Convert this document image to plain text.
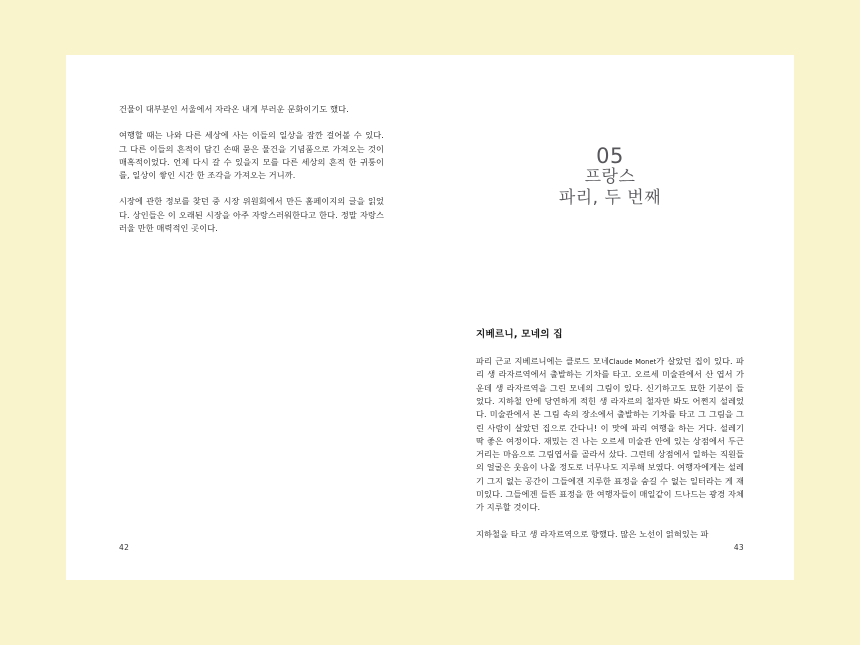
건물이 대부분인 서울에서 자라온 내게 부러운 문화이기도 했다.

여행할 때는 나와 다른 세상에 사는 이들의 일상을 잠깐 걸어볼 수 있다. 그 다른 이들의 흔적이 담긴 손때 묻은 물건을 기념품으로 가져오는 것이 매혹적이었다. 언제 다시 갈 수 있을지 모를 다른 세상의 흔적 한 귀퉁이를, 일상이 쌓인 시간 한 조각을 가져오는 거니까.

시장에 관한 정보를 찾던 중 시장 위원회에서 만든 홈페이지의 글을 읽었다. 상인들은 이 오래된 시장을 아주 자랑스러워한다고 한다. 정말 자랑스러울 만한 매력적인 곳이다.

42
05
프랑스
파리, 두 번째
지베르니, 모네의 집

파리 근교 지베르니에는 클로드 모네Claude Monet가 살았던 집이 있다. 파리 생 라자르역에서 출발하는 기차를 타고. 오르세 미술관에서 산 엽서 가운데 생 라자르역을 그린 모네의 그림이 있다. 신기하고도 묘한 기분이 들었다. 지하철 안에 당연하게 적힌 생 라자르의 철자만 봐도 어쩐지 설레었다. 미술관에서 본 그림 속의 장소에서 출발하는 기차를 타고 그 그림을 그린 사람이 살았던 집으로 간다니! 이 맛에 파리 여행을 하는 거다. 설레기 딱 좋은 여정이다. 재밌는 건 나는 오르세 미술관 안에 있는 상점에서 두근거리는 마음으로 그림엽서를 골라서 샀다. 그런데 상점에서 일하는 직원들의 얼굴은 웃음이 나올 정도로 너무나도 지루해 보였다. 여행자에게는 설레기 그지 없는 공간이 그들에겐 지루한 표정을 숨길 수 없는 일터라는 게 재미있다. 그들에겐 들뜬 표정을 한 여행자들이 매일같이 드나드는 광경 자체가 지루할 것이다.

지하철을 타고 생 라자르역으로 향했다. 많은 노선이 얽혀있는 파

43
